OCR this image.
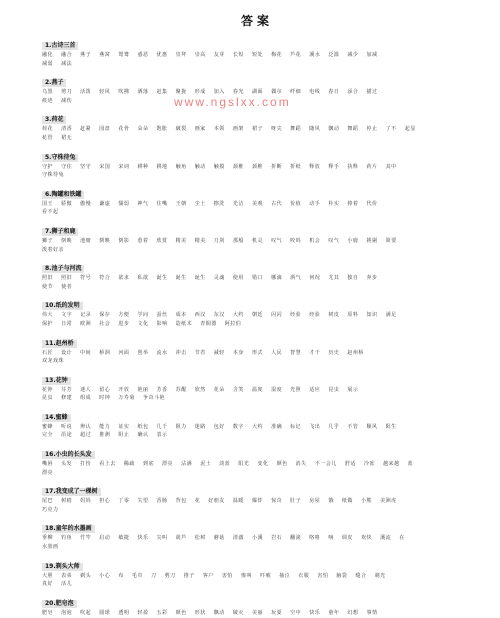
www.ngslxx.com
答案
1.古诗三首
融化 融合 燕子 燕窝 鸳鸯 惑恶 优惠 崇拜 崇高 友芽 长短 短处 梅花 芦花 溪水 泛滥 减少 加减
减弱 减法
2.燕子
乌黑 剪刀 活泼 轻风 吹拂 洒落 赶集 聚拢 形成 加入 春光 湖面 偶尔 纤细 电线 春日 添合 描过
痕迹 减伤
3.荷花
荷花 清香 赶紧 园盘 花骨 朵朵 饱胀 破裂 画家 本领 画架 裙子 呀尖 舞蹈 随风 飘动 舞蹈 停止 了不 起显
花管 裙无
5.守株待兔
守护 守住 坚守 宋国 宋词 耕种 耕地 触角 触动 触摸 颈椎 颈椎 折断 折纸 释放 释手 执释 药片 其中
守株待兔
6.陶罐和铁罐
国王 骄傲 傲慢 谦虚 懦弱 神气 住嘴 王朝 尘土 擦洗 光洁 美观 古代 价值 动手 朴实 捧着 代价
看不起
7.狮子和鹿
狮子 倒映 池塘 倒映 倒影 惹着 欣赏 精美 精美 刀剑 那般 机灵 叹气 咬吗 机会 叹气 小鹿 挑剔 简要
泼着好亲
8.池子与河流
照旧 照旧 符号 符合 欲求 私欲 诞生 诞生 诞生 灵魂 使用 错口 哪滴 酒气 何况 尤其 独自 奔步
使节 使者
10.纸的发明
伟大 文字 记录 保存 方便 学问 蚕丝 成本 西汉 东汉 大约 朝廷 闪闪 经验 经验 树皮 原料 知识 满足
保护 日常 欧洲 社会 进步 文化 影响 造纸术 青铜器 阿拉伯
11.赵州桥
石匠 设计 中间 桥洞 河面 创举 流水 冲击 节省 减轻 本身 形式 人民 智慧 才干 历史 赵州桥
双龙戏珠
13.花钟
花钟 芬芳 迷人 留心 开放 艳丽 芳香 苏醒 欣然 花朵 含笑 温度 湿度 光照 适应 昆虫 展示
昆虫 修建 组成 时钟 万寿菊 争奇斗艳
14.蜜蜂
蜜蜂 听说 辨认 能力 证实 纸包 几千 阻力 迷路 包好 数字 大约 准确 标记 飞出 几乎 不管 顺风 阳生
完全 沿途 超过 推测 阻止 确认 表示
16.小虫的长头发
嘴唇 头发 打扮 看上去 稀疏 到底 漂亮 沾满 泥土 淡蓝 阳光 变化 颜色 消失 不一会儿 舒适 冷冻 越来越 蓝
漂亮
17.我变成了一棵树
尾巴 树梢 妈妈 担心 丁零 失望 香肠 背包 花 好朋友 温暖 爆炸 惊奇 肚子 房屋 饿 纸做 小熊 美洲虎
巧克力
18.童年的水墨画
垂柳 钓鱼 竹竿 启动 敏捷 快乐 尖叫 葫芦 松树 蘑菇 清澈 小溪 岩石 翻滚 咯咯 响 调皮 欢快 溪流 在
水墨画
19.剃头大师
大胆 表弟 剃头 小心 布 毛巾 刀 剪刀 推子 客户 害怕 惨叫 吓唬 抽泣 衣服 害怕 脑袋 缝合 剃光
真好 活儿
20.肥皂泡
肥皂 泡泡 吹起 圆球 透明 轻盈 五彩 颜色 形状 飘动 破灭 美丽 玩耍 空中 快乐 童年 幻想 事情
